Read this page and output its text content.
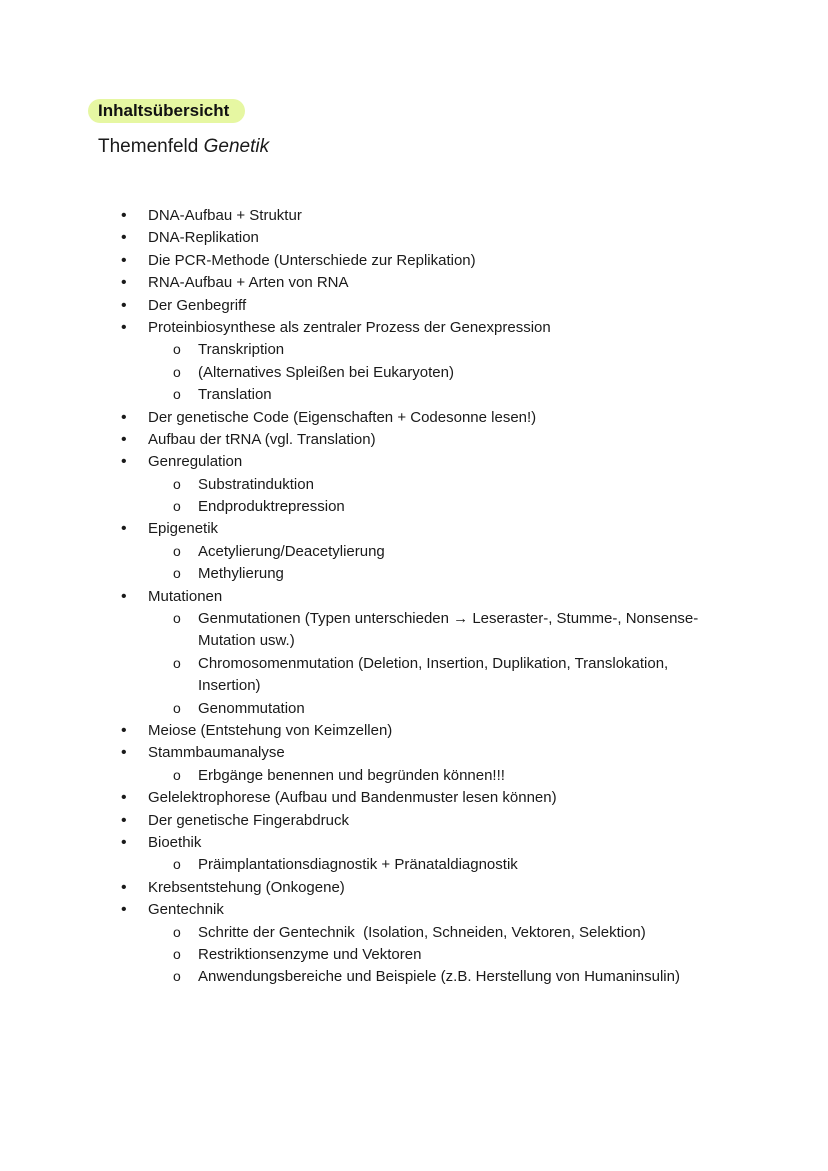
Inhaltsübersicht
Themenfeld Genetik
• DNA-Aufbau + Struktur
• DNA-Replikation
• Die PCR-Methode (Unterschiede zur Replikation)
• RNA-Aufbau + Arten von RNA
• Der Genbegriff
• Proteinbiosynthese als zentraler Prozess der Genexpression
o Transkription
o (Alternatives Spleißen bei Eukaryoten)
o Translation
• Der genetische Code (Eigenschaften + Codesonne lesen!)
• Aufbau der tRNA (vgl. Translation)
• Genregulation
o Substratinduktion
o Endproduktrepression
• Epigenetik
o Acetylierung/Deacetylierung
o Methylierung
• Mutationen
o Genmutationen (Typen unterschieden → Leseraster-, Stumme-, Nonsense-
Mutation usw.)
o Chromosomenmutation (Deletion, Insertion, Duplikation, Translokation,
Insertion)
o Genommutation
• Meiose (Entstehung von Keimzellen)
• Stammbaumanalyse
o Erbgänge benennen und begründen können!!!
• Gelelektrophorese (Aufbau und Bandenmuster lesen können)
• Der genetische Fingerabdruck
• Bioethik
o Präimplantationsdiagnostik + Pränataldiagnostik
• Krebsentstehung (Onkogene)
• Gentechnik
o Schritte der Gentechnik  (Isolation, Schneiden, Vektoren, Selektion)
o Restriktionsenzyme und Vektoren
o Anwendungsbereiche und Beispiele (z.B. Herstellung von Humaninsulin)
